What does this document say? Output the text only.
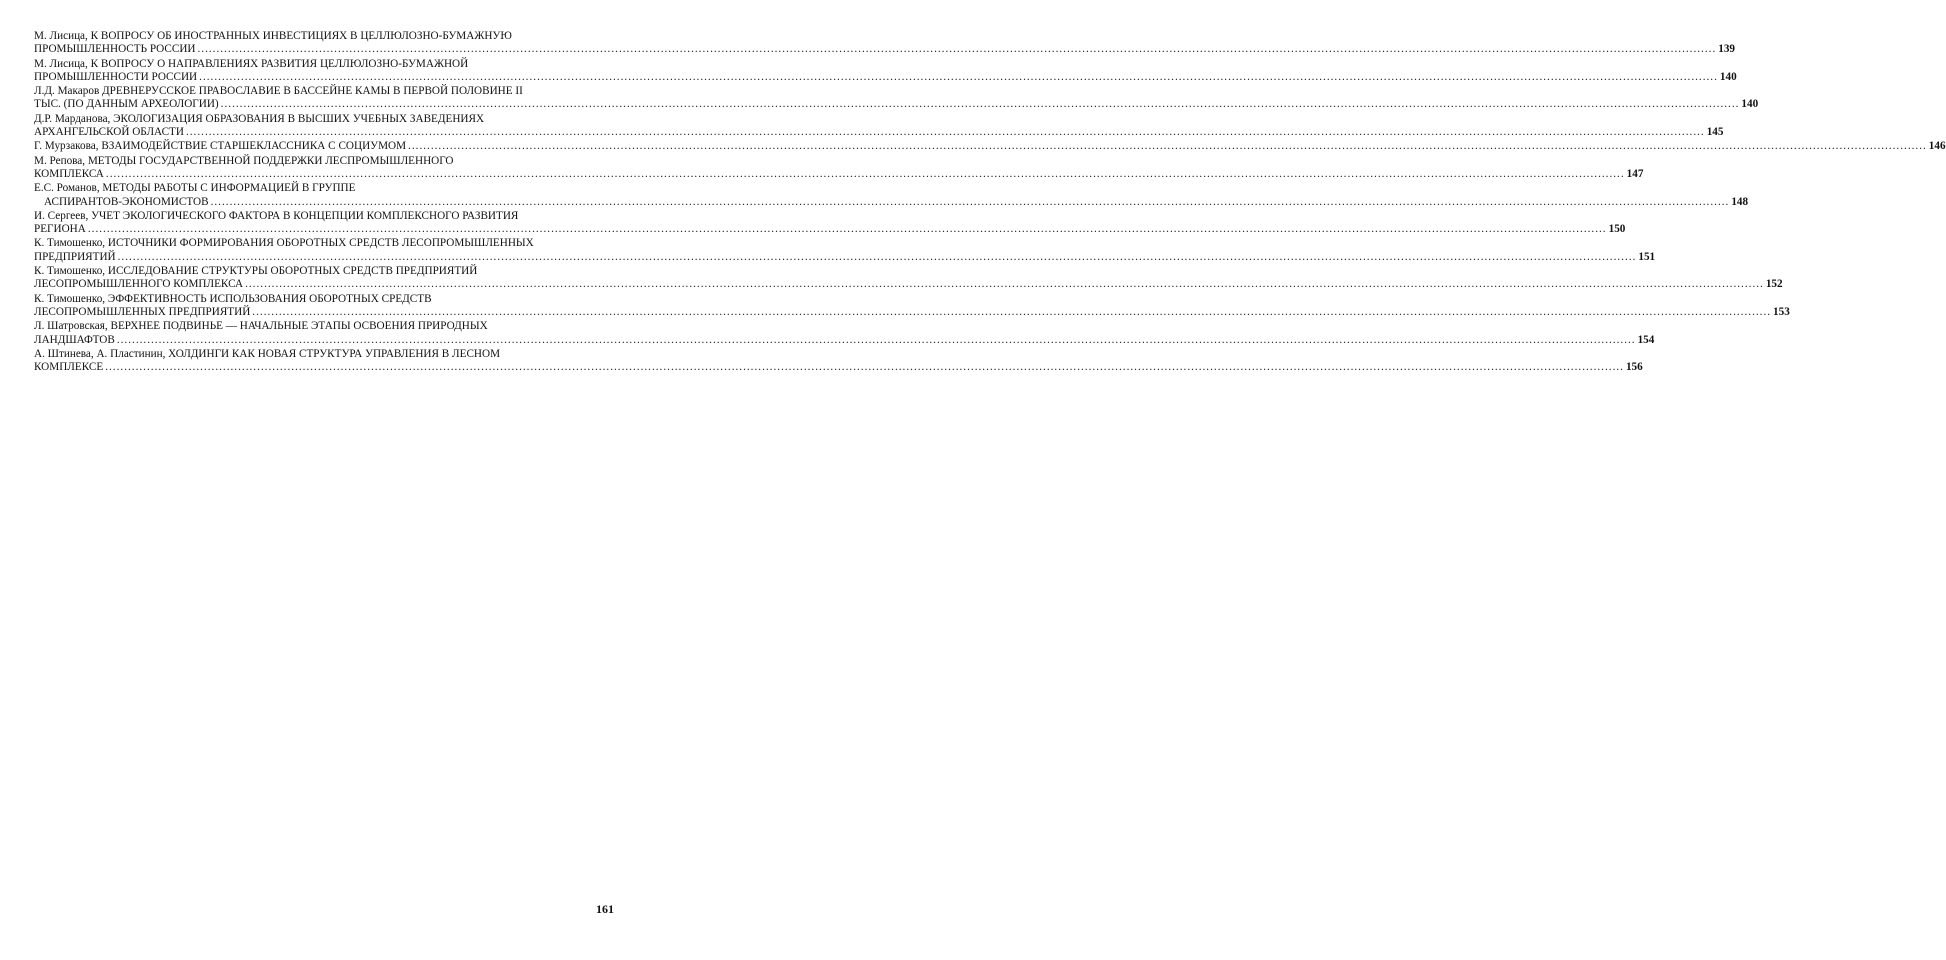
М. Лисица, К ВОПРОСУ ОБ ИНОСТРАННЫХ ИНВЕСТИЦИЯХ В ЦЕЛЛЮЛОЗНО-БУМАЖНУЮ
ПРОМЫШЛЕННОСТЬ РОССИИ ................................................................................................................................................................................................................................................................................................................................................................................................................ 139
М. Лисица, К ВОПРОСУ О НАПРАВЛЕНИЯХ РАЗВИТИЯ ЦЕЛЛЮЛОЗНО-БУМАЖНОЙ
ПРОМЫШЛЕННОСТИ РОССИИ ................................................................................................................................................................................................................................................................................................................................................................................................................ 140
Л.Д. Макаров ДРЕВНЕРУССКОЕ ПРАВОСЛАВИЕ В БАССЕЙНЕ КАМЫ В ПЕРВОЙ ПОЛОВИНЕ II
ТЫС. (ПО ДАННЫМ АРХЕОЛОГИИ) ................................................................................................................................................................................................................................................................................................................................................................................................................ 140
Д.Р. Марданова, ЭКОЛОГИЗАЦИЯ ОБРАЗОВАНИЯ В ВЫСШИХ УЧЕБНЫХ ЗАВЕДЕНИЯХ
АРХАНГЕЛЬСКОЙ ОБЛАСТИ ................................................................................................................................................................................................................................................................................................................................................................................................................ 145
Г. Мурзакова, ВЗАИМОДЕЙСТВИЕ СТАРШЕКЛАССНИКА С СОЦИУМОМ ................................................................................................................................................................................................................................................................................................................................................................................................................ 146
М. Репова, МЕТОДЫ ГОСУДАРСТВЕННОЙ ПОДДЕРЖКИ ЛЕСПРОМЫШЛЕННОГО
КОМПЛЕКСА ................................................................................................................................................................................................................................................................................................................................................................................................................ 147
Е.С. Романов, МЕТОДЫ РАБОТЫ С ИНФОРМАЦИЕЙ В ГРУППЕ
АСПИРАНТОВ-ЭКОНОМИСТОВ ................................................................................................................................................................................................................................................................................................................................................................................................................ 148
И. Сергеев, УЧЕТ ЭКОЛОГИЧЕСКОГО ФАКТОРА В КОНЦЕПЦИИ КОМПЛЕКСНОГО РАЗВИТИЯ
РЕГИОНА ................................................................................................................................................................................................................................................................................................................................................................................................................ 150
К. Тимошенко, ИСТОЧНИКИ ФОРМИРОВАНИЯ ОБОРОТНЫХ СРЕДСТВ ЛЕСОПРОМЫШЛЕННЫХ
ПРЕДПРИЯТИЙ ................................................................................................................................................................................................................................................................................................................................................................................................................ 151
К. Тимошенко, ИССЛЕДОВАНИЕ СТРУКТУРЫ ОБОРОТНЫХ СРЕДСТВ ПРЕДПРИЯТИЙ
ЛЕСОПРОМЫШЛЕННОГО КОМПЛЕКСА ................................................................................................................................................................................................................................................................................................................................................................................................................ 152
К. Тимошенко, ЭФФЕКТИВНОСТЬ ИСПОЛЬЗОВАНИЯ ОБОРОТНЫХ СРЕДСТВ
ЛЕСОПРОМЫШЛЕННЫХ ПРЕДПРИЯТИЙ ................................................................................................................................................................................................................................................................................................................................................................................................................ 153
Л. Шатровская, ВЕРХНЕЕ ПОДВИНЬЕ — НАЧАЛЬНЫЕ ЭТАПЫ ОСВОЕНИЯ ПРИРОДНЫХ
ЛАНДШАФТОВ ................................................................................................................................................................................................................................................................................................................................................................................................................ 154
А. Штинева, А. Пластинин, ХОЛДИНГИ КАК НОВАЯ СТРУКТУРА УПРАВЛЕНИЯ В ЛЕСНОМ
КОМПЛЕКСЕ ................................................................................................................................................................................................................................................................................................................................................................................................................ 156
161
